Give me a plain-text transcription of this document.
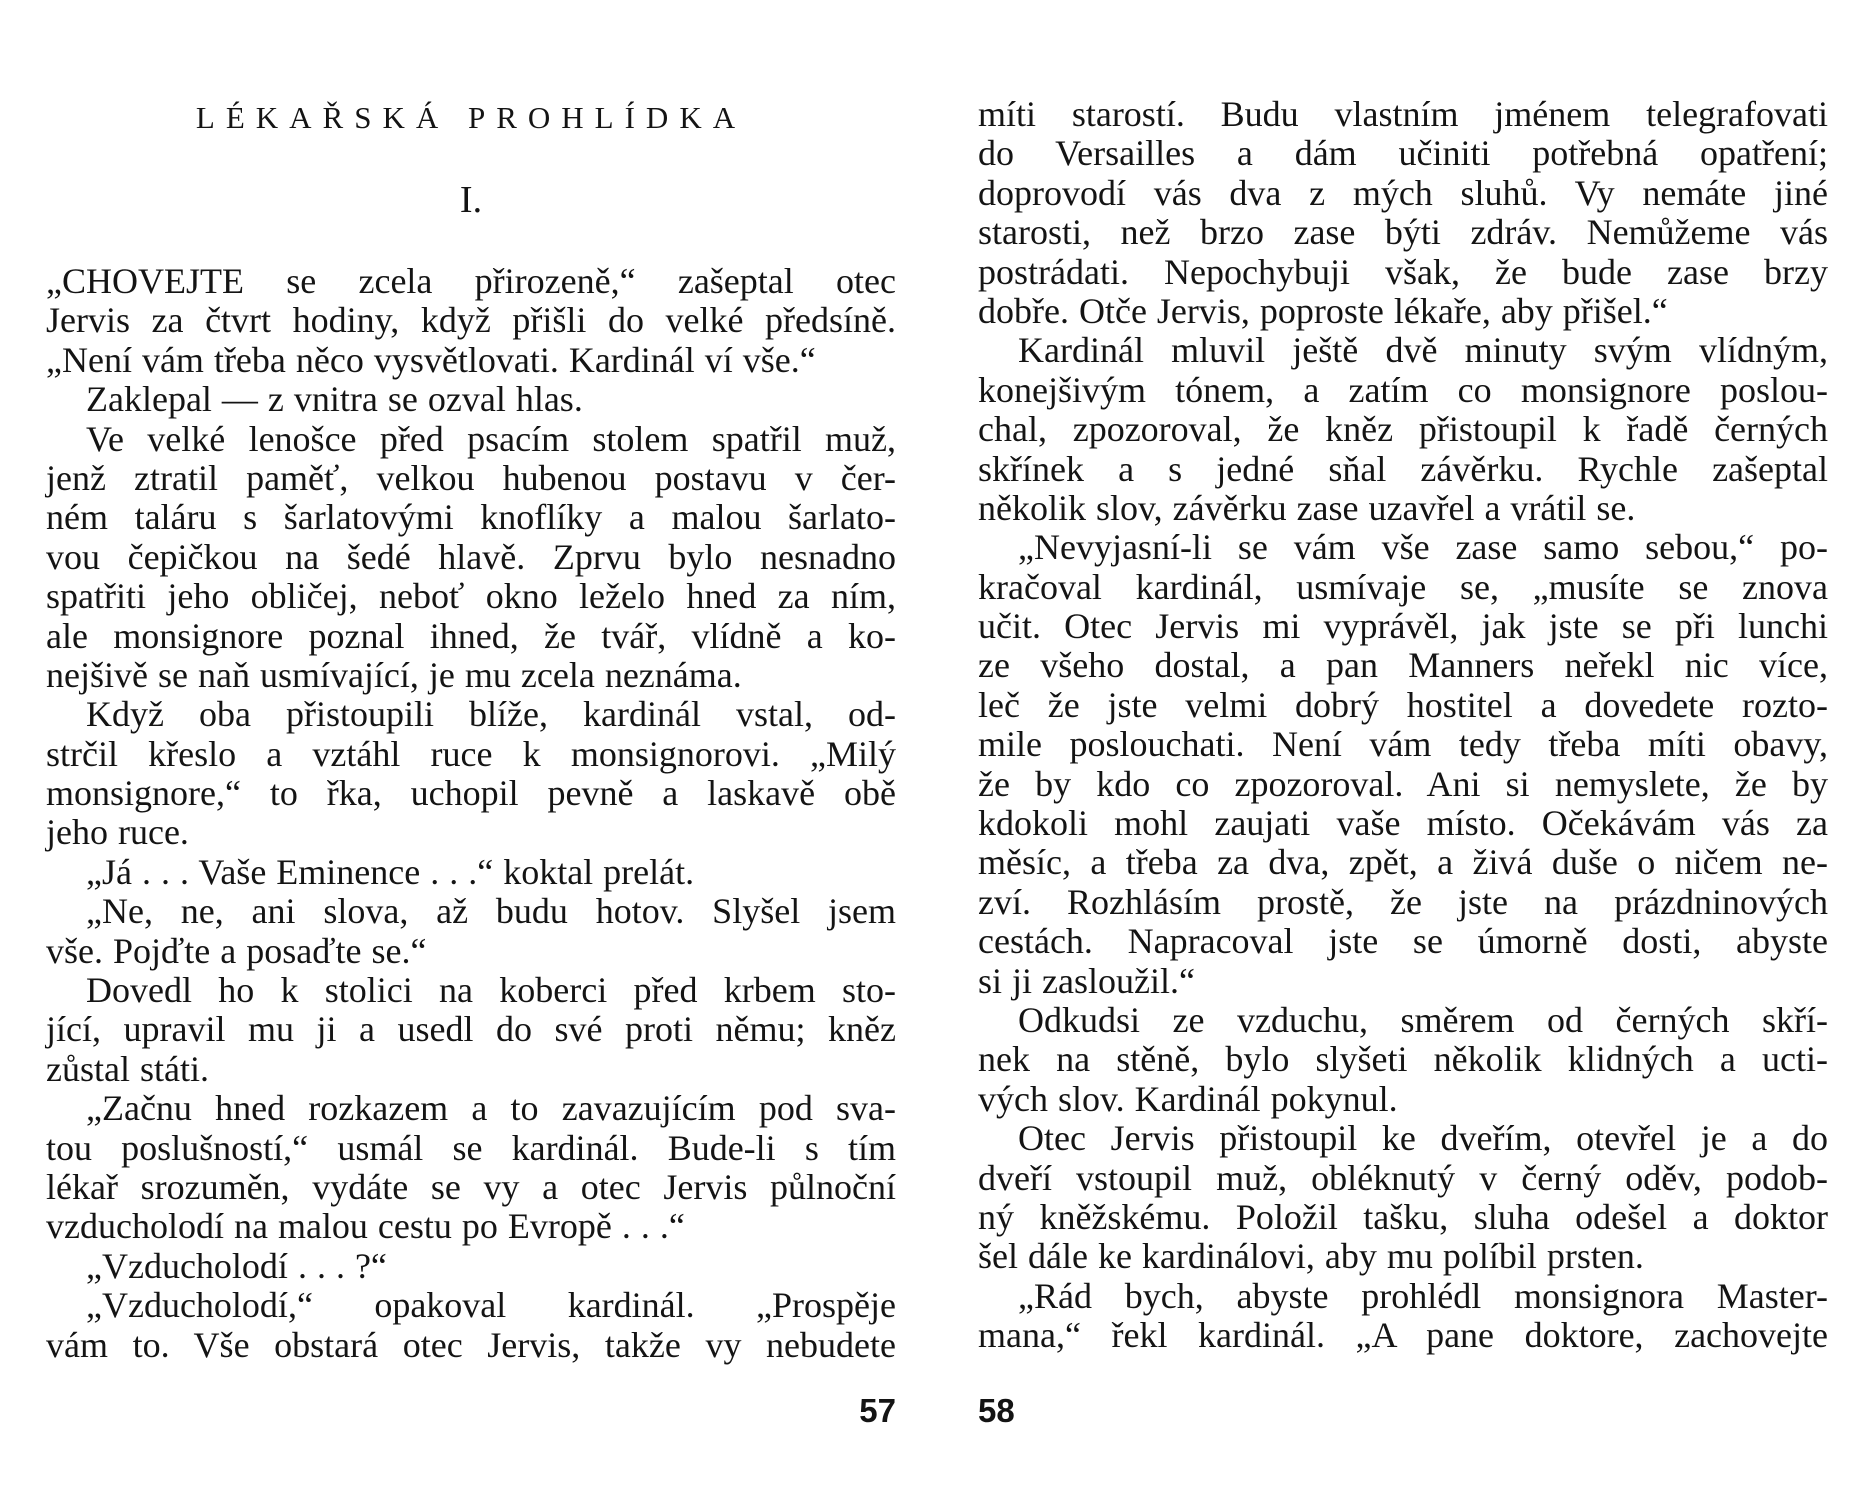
LÉKAŘSKÁ PROHLÍDKA
I.
„CHOVEJTE se zcela přirozeně,“ zašeptal otec
Jervis za čtvrt hodiny, když přišli do velké předsíně.
„Není vám třeba něco vysvětlovati. Kardinál ví vše.“
Zaklepal — z vnitra se ozval hlas.
Ve velké lenošce před psacím stolem spatřil muž,
jenž ztratil paměť, velkou hubenou postavu v čer-
ném taláru s šarlatovými knoflíky a malou šarlato-
vou čepičkou na šedé hlavě. Zprvu bylo nesnadno
spatřiti jeho obličej, neboť okno leželo hned za ním,
ale monsignore poznal ihned, že tvář, vlídně a ko-
nejšivě se naň usmívající, je mu zcela neznáma.
Když oba přistoupili blíže, kardinál vstal, od-
strčil křeslo a vztáhl ruce k monsignorovi. „Milý
monsignore,“ to řka, uchopil pevně a laskavě obě
jeho ruce.
„Já . . . Vaše Eminence . . .“ koktal prelát.
„Ne, ne, ani slova, až budu hotov. Slyšel jsem
vše. Pojďte a posaďte se.“
Dovedl ho k stolici na koberci před krbem sto-
jící, upravil mu ji a usedl do své proti němu; kněz
zůstal státi.
„Začnu hned rozkazem a to zavazujícím pod sva-
tou poslušností,“ usmál se kardinál. Bude-li s tím
lékař srozuměn, vydáte se vy a otec Jervis půlnoční
vzducholodí na malou cestu po Evropě . . .“
„Vzducholodí . . . ?“
„Vzducholodí,“ opakoval kardinál. „Prospěje
vám to. Vše obstará otec Jervis, takže vy nebudete
57
míti starostí. Budu vlastním jménem telegrafovati
do Versailles a dám učiniti potřebná opatření;
doprovodí vás dva z mých sluhů. Vy nemáte jiné
starosti, než brzo zase býti zdráv. Nemůžeme vás
postrádati. Nepochybuji však, že bude zase brzy
dobře. Otče Jervis, poproste lékaře, aby přišel.“
Kardinál mluvil ještě dvě minuty svým vlídným,
konejšivým tónem, a zatím co monsignore poslou-
chal, zpozoroval, že kněz přistoupil k řadě černých
skřínek a s jedné sňal závěrku. Rychle zašeptal
několik slov, závěrku zase uzavřel a vrátil se.
„Nevyjasní-li se vám vše zase samo sebou,“ po-
kračoval kardinál, usmívaje se, „musíte se znova
učit. Otec Jervis mi vyprávěl, jak jste se při lunchi
ze všeho dostal, a pan Manners neřekl nic více,
leč že jste velmi dobrý hostitel a dovedete rozto-
mile poslouchati. Není vám tedy třeba míti obavy,
že by kdo co zpozoroval. Ani si nemyslete, že by
kdokoli mohl zaujati vaše místo. Očekávám vás za
měsíc, a třeba za dva, zpět, a živá duše o ničem ne-
zví. Rozhlásím prostě, že jste na prázdninových
cestách. Napracoval jste se úmorně dosti, abyste
si ji zasloužil.“
Odkudsi ze vzduchu, směrem od černých skří-
nek na stěně, bylo slyšeti několik klidných a ucti-
vých slov. Kardinál pokynul.
Otec Jervis přistoupil ke dveřím, otevřel je a do
dveří vstoupil muž, obléknutý v černý oděv, podob-
ný kněžskému. Položil tašku, sluha odešel a doktor
šel dále ke kardinálovi, aby mu políbil prsten.
„Rád bych, abyste prohlédl monsignora Master-
mana,“ řekl kardinál. „A pane doktore, zachovejte
58
